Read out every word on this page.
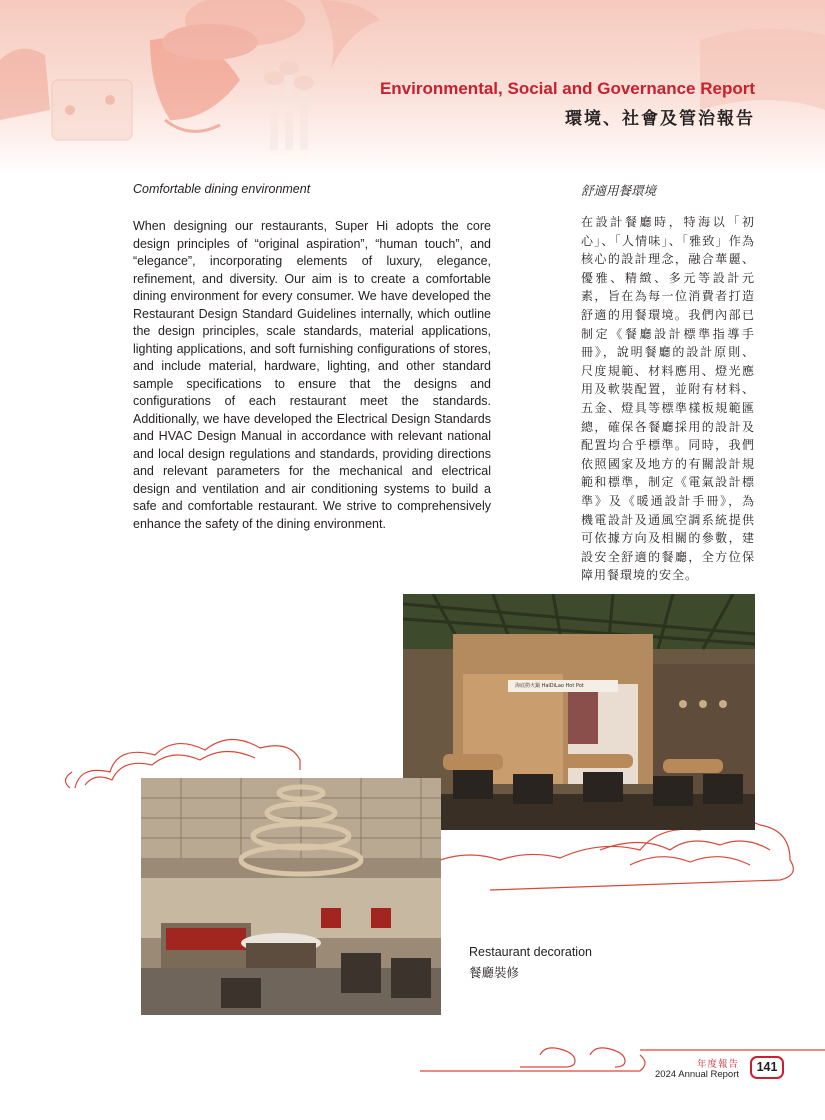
Environmental, Social and Governance Report
環境、社會及管治報告
Comfortable dining environment	舒適用餐環境

When designing our restaurants, Super Hi adopts the core design principles of “original aspiration”, “human touch”, and “elegance”, incorporating elements of luxury, elegance, refinement, and diversity. Our aim is to create a comfortable dining environment for every consumer. We have developed the Restaurant Design Standard Guidelines internally, which outline the design principles, scale standards, material applications, lighting applications, and soft furnishing configurations of stores, and include material, hardware, lighting, and other standard sample specifications to ensure that the designs and configurations of each restaurant meet the standards. Additionally, we have developed the Electrical Design Standards and HVAC Design Manual in accordance with relevant national and local design regulations and standards, providing directions and relevant parameters for the mechanical and electrical design and ventilation and air conditioning systems to build a safe and comfortable restaurant. We strive to comprehensively enhance the safety of the dining environment.

在設計餐廳時，特海以「初心」、「人情味」、「雅致」作為核心的設計理念，融合華麗、優雅、精緻、多元等設計元素，旨在為每一位消費者打造舒適的用餐環境。我們內部已制定《餐廳設計標準指導手冊》，說明餐廳的設計原則、尺度規範、材料應用、燈光應用及軟裝配置，並附有材料、五金、燈具等標準樣板規範匯總，確保各餐廳採用的設計及配置均合乎標準。同時，我們依照國家及地方的有關設計規範和標準，制定《電氣設計標準》及《暖通設計手冊》，為機電設計及通風空調系統提供可依據方向及相關的參數，建設安全舒適的餐廳，全方位保障用餐環境的安全。

海底撈火鍋 HaiDiLao Hot Pot
Restaurant decoration
餐廳裝修
年度報告
2024 Annual Report
141
